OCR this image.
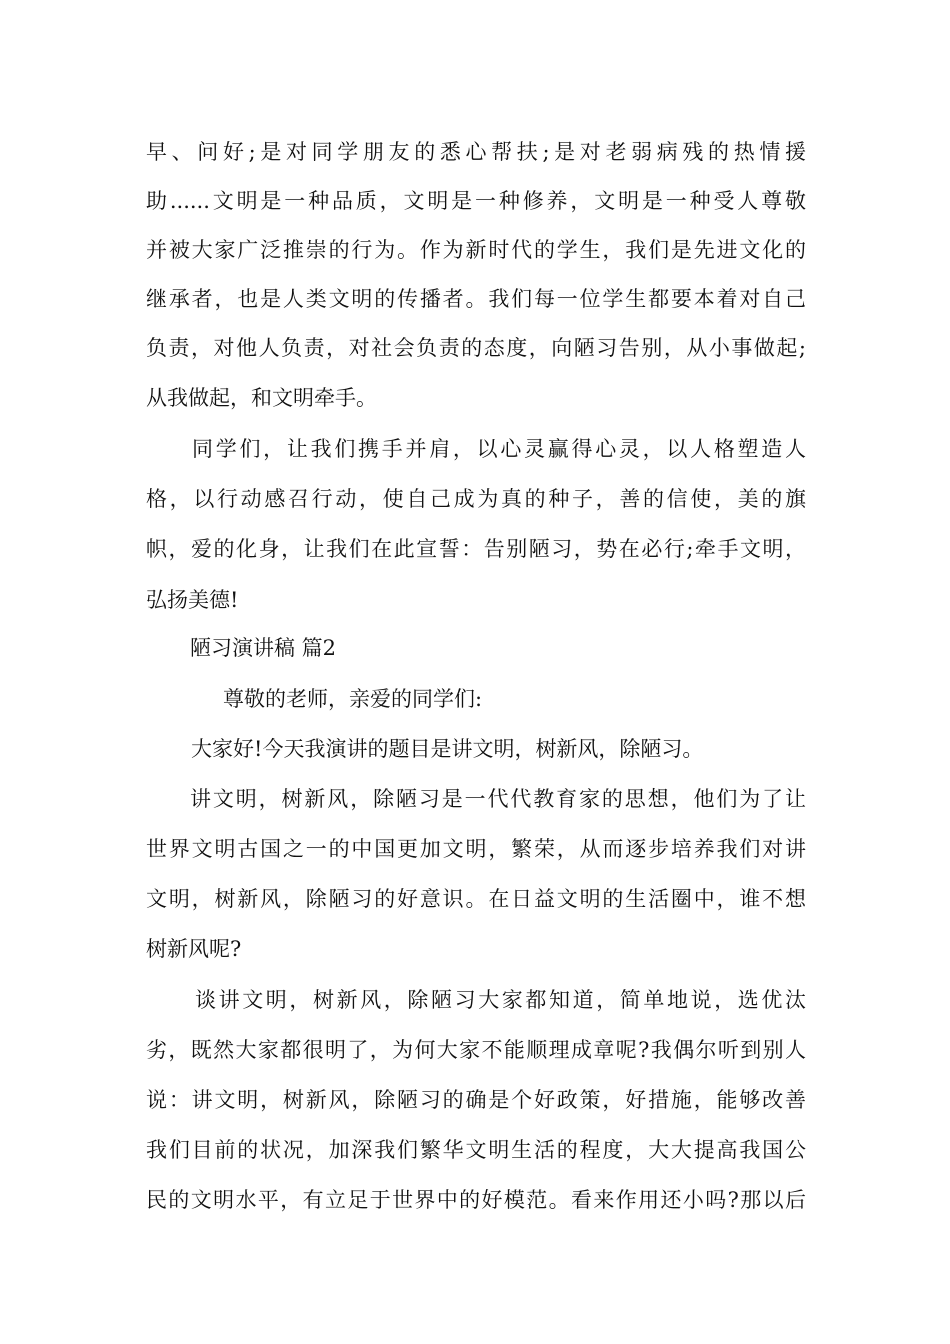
早、问好;是对同学朋友的悉心帮扶;是对老弱病残的热情援
助......文明是一种品质，文明是一种修养，文明是一种受人尊敬
并被大家广泛推崇的行为。作为新时代的学生，我们是先进文化的
继承者，也是人类文明的传播者。我们每一位学生都要本着对自己
负责，对他人负责，对社会负责的态度，向陋习告别，从小事做起;
从我做起，和文明牵手。
同学们，让我们携手并肩，以心灵赢得心灵，以人格塑造人
格，以行动感召行动，使自己成为真的种子，善的信使，美的旗
帜，爱的化身，让我们在此宣誓：告别陋习，势在必行;牵手文明，
弘扬美德!
陋习演讲稿 篇2
尊敬的老师，亲爱的同学们:
大家好!今天我演讲的题目是讲文明，树新风，除陋习。
讲文明，树新风，除陋习是一代代教育家的思想，他们为了让
世界文明古国之一的中国更加文明，繁荣，从而逐步培养我们对讲
文明，树新风，除陋习的好意识。在日益文明的生活圈中，谁不想
树新风呢?
谈讲文明，树新风，除陋习大家都知道，简单地说，选优汰
劣，既然大家都很明了，为何大家不能顺理成章呢?我偶尔听到别人
说：讲文明，树新风，除陋习的确是个好政策，好措施，能够改善
我们目前的状况，加深我们繁华文明生活的程度，大大提高我国公
民的文明水平，有立足于世界中的好模范。看来作用还小吗?那以后
